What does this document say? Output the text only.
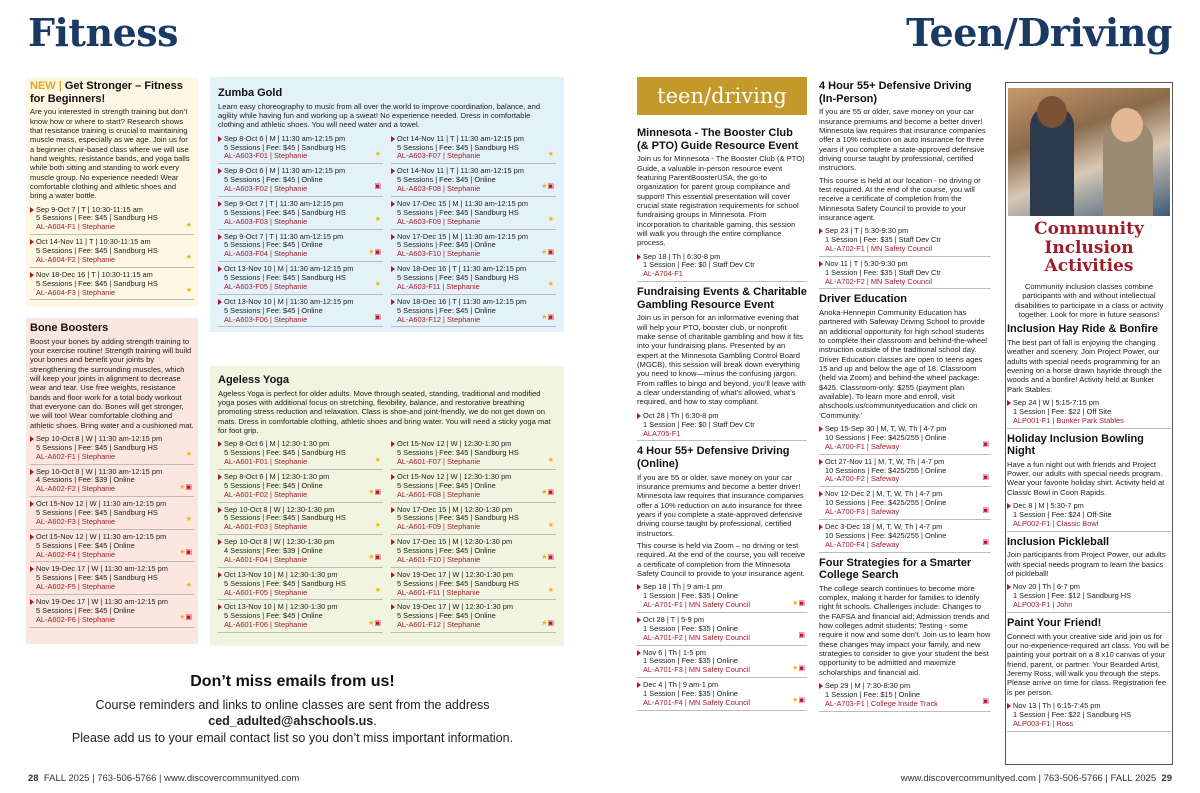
Fitness	Teen/Driving
NEW | Get Stronger – Fitness for Beginners!
Are you interested in strength training but don’t know how or where to start? Research shows that resistance training is crucial to maintaining muscle mass, especially as we age. Join us for a beginner chair-based class where we will use hand weights, resistance bands, and yoga balls while both sitting and standing to work every muscle group. No experience needed! Wear comfortable clothing and athletic shoes and bring a water bottle.
Sep 9-Oct 7 | T | 10:30-11:15 am
5 Sessions | Fee: $45 | Sandburg HS
AL-A604-F1 | Stephanie	★
Oct 14-Nov 11 | T | 10:30-11:15 am
5 Sessions | Fee: $45 | Sandburg HS
AL-A604-F2 | Stephanie	★
Nov 18-Dec 16 | T | 10:30-11:15 am
5 Sessions | Fee: $45 | Sandburg HS
AL-A604-F3 | Stephanie	★
Bone Boosters
Boost your bones by adding strength training to your exercise routine! Strength training will build your bones and benefit your joints by strengthening the surrounding muscles, which will keep your joints in alignment to decrease wear and tear. Use free weights, resistance bands and floor work for a total body workout that everyone can do. Bones will get stronger, we will too! Wear comfortable clothing and athletic shoes. Bring water and a cushioned mat.
Sep 10-Oct 8 | W | 11:30 am-12:15 pm
5 Sessions | Fee: $45 | Sandburg HS
AL-A602-F1 | Stephanie	★
Sep 10-Oct 8 | W | 11:30 am-12:15 pm
4 Sessions | Fee: $39 | Online
AL-A602-F2 | Stephanie	★▣
Oct 15-Nov 12 | W | 11:30 am-12:15 pm
5 Sessions | Fee: $45 | Sandburg HS
AL-A602-F3 | Stephanie	★
Oct 15-Nov 12 | W | 11:30 am-12:15 pm
5 Sessions | Fee: $45 | Online
AL-A602-F4 | Stephanie	★▣
Nov 19-Dec 17 | W | 11:30 am-12:15 pm
5 Sessions | Fee: $45 | Sandburg HS
AL-A602-F5 | Stephanie	★
Nov 19-Dec 17 | W | 11:30 am-12:15 pm
5 Sessions | Fee: $45 | Online
AL-A602-F6 | Stephanie	★▣
Zumba Gold
Learn easy choreography to music from all over the world to improve coordination, balance, and agility while having fun and working up a sweat! No experience needed. Dress in comfortable clothing and athletic shoes. You will need water and a towel.
Sep 8-Oct 6 | M | 11:30 am-12:15 pm
5 Sessions | Fee: $45 | Sandburg HS
AL-A603-F01 | Stephanie	★
Sep 8-Oct 6 | M | 11:30 am-12:15 pm
5 Sessions | Fee: $45 | Online
AL-A603-F02 | Stephanie	▣
Sep 9-Oct 7 | T | 11:30 am-12:15 pm
5 Sessions | Fee: $45 | Sandburg HS
AL-A603-F03 | Stephanie	★
Sep 9-Oct 7 | T | 11:30 am-12:15 pm
5 Sessions | Fee: $45 | Online
AL-A603-F04 | Stephanie	★▣
Oct 13-Nov 10 | M | 11:30 am-12:15 pm
5 Sessions | Fee: $45 | Sandburg HS
AL-A603-F05 | Stephanie	★
Oct 13-Nov 10 | M | 11:30 am-12:15 pm
5 Sessions | Fee: $45 | Online
AL-A603-F06 | Stephanie	▣
Oct 14-Nov 11 | T | 11:30 am-12:15 pm
5 Sessions | Fee: $45 | Sandburg HS
AL-A603-F07 | Stephanie	★
Oct 14-Nov 11 | T | 11:30 am-12:15 pm
5 Sessions | Fee: $45 | Online
AL-A603-F08 | Stephanie	★▣
Nov 17-Dec 15 | M | 11:30 am-12:15 pm
5 Sessions | Fee: $45 | Sandburg HS
AL-A603-F09 | Stephanie	★
Nov 17-Dec 15 | M | 11:30 am-12:15 pm
5 Sessions | Fee: $45 | Online
AL-A603-F10 | Stephanie	★▣
Nov 18-Dec 16 | T | 11:30 am-12:15 pm
5 Sessions | Fee: $45 | Sandburg HS
AL-A603-F11 | Stephanie	★
Nov 18-Dec 16 | T | 11:30 am-12:15 pm
5 Sessions | Fee: $45 | Online
AL-A603-F12 | Stephanie	★▣
Ageless Yoga
Ageless Yoga is perfect for older adults. Move through seated, standing, traditional and modified yoga poses with additional focus on stretching, flexibility, balance, and restorative breathing promoting stress reduction and relaxation. Class is shoe-and joint-friendly, we do not get down on mats. Dress in comfortable clothing, athletic shoes and bring water. You will need a sticky yoga mat for foot grip.
Sep 8-Oct 6 | M | 12:30-1:30 pm
5 Sessions | Fee: $45 | Sandburg HS
AL-A601-F01 | Stephanie	★
Sep 8-Oct 6 | M | 12:30-1:30 pm
5 Sessions | Fee: $45 | Online
AL-A601-F02 | Stephanie	★▣
Sep 10-Oct 8 | W | 12:30-1:30 pm
5 Sessions | Fee: $45 | Sandburg HS
AL-A601-F03 | Stephanie	★
Sep 10-Oct 8 | W | 12:30-1:30 pm
4 Sessions | Fee: $39 | Online
AL-A601-F04 | Stephanie	★▣
Oct 13-Nov 10 | M | 12:30-1:30 pm
5 Sessions | Fee: $45 | Sandburg HS
AL-A601-F05 | Stephanie	★
Oct 13-Nov 10 | M | 12:30-1:30 pm
5 Sessions | Fee: $45 | Online
AL-A601-F06 | Stephanie	★▣
Oct 15-Nov 12 | W | 12:30-1:30 pm
5 Sessions | Fee: $45 | Sandburg HS
AL-A601-F07 | Stephanie	★
Oct 15-Nov 12 | W | 12:30-1:30 pm
5 Sessions | Fee: $45 | Online
AL-A601-F08 | Stephanie	★▣
Nov 17-Dec 15 | M | 12:30-1:30 pm
5 Sessions | Fee: $45 | Sandburg HS
AL-A601-F09 | Stephanie	★
Nov 17-Dec 15 | M | 12:30-1:30 pm
5 Sessions | Fee: $45 | Online
AL-A601-F10 | Stephanie	★▣
Nov 19-Dec 17 | W | 12:30-1:30 pm
5 Sessions | Fee: $45 | Sandburg HS
AL-A601-F11 | Stephanie	★
Nov 19-Dec 17 | W | 12:30-1:30 pm
5 Sessions | Fee: $45 | Online
AL-A601-F12 | Stephanie	★▣
Don’t miss emails from us!

Course reminders and links to online classes are sent from the address

ced_adulted@ahschools.us.

Please add us to your email contact list so you don’t miss important information.

teen/driving
Minnesota - The Booster Club (& PTO) Guide Resource Event
Join us for Minnesota - The Booster Club (& PTO) Guide, a valuable in-person resource event featuring ParentBoosterUSA, the go-to organization for parent group compliance and support! This essential presentation will cover crucial state registration requirements for school fundraising groups in Minnesota. From incorporation to charitable gaming, this session will walk you through the entire compliance process.
Sep 18 | Th | 6:30-8 pm
1 Session | Fee: $0 | Staff Dev Ctr
AL-A704-F1
Fundraising Events & Charitable Gambling Resource Event
Join us in person for an informative evening that will help your PTO, booster club, or nonprofit make sense of charitable gambling and how it fits into your fundraising plans. Presented by an expert at the Minnesota Gambling Control Board (MGCB), this session will break down everything you need to know—minus the confusing jargon. From raffles to bingo and beyond, you’ll leave with a clear understanding of what’s allowed, what’s required, and how to stay compliant.
Oct 28 | Th | 6:30-8 pm
1 Session | Fee: $0 | Staff Dev Ctr
ALA705-F1
4 Hour 55+ Defensive Driving (Online)
If you are 55 or older, save money on your car insurance premiums and become a better driver! Minnesota law requires that insurance companies offer a 10% reduction on auto insurance for three years if you complete a state-approved defensive driving course taught by professional, certified instructors.
This course is held via Zoom – no driving or test required. At the end of the course, you will receive a certificate of completion from the Minnesota Safety Council to provide to your insurance agent.
Sep 18 | Th | 9 am-1 pm
1 Session | Fee: $35 | Online
AL-A701-F1 | MN Safety Council	★▣
Oct 28 | T | 5-9 pm
1 Session | Fee: $35 | Online
AL-A701-F2 | MN Safety Council	▣
Nov 6 | Th | 1-5 pm
1 Session | Fee: $35 | Online
AL-A701-F3 | MN Safety Council	★▣
Dec 4 | Th | 9 am-1 pm
1 Session | Fee: $35 | Online
AL-A701-F4 | MN Safety Council	★▣
4 Hour 55+ Defensive Driving (In-Person)
If you are 55 or older, save money on your car insurance premiums and become a better driver! Minnesota law requires that insurance companies offer a 10% reduction on auto insurance for three years if you complete a state-approved defensive driving course taught by professional, certified instructors.
This course is held at our location - no driving or test required. At the end of the course, you will receive a certificate of completion from the Minnesota Safety Council to provide to your insurance agent.
Sep 23 | T | 5:30-9:30 pm
1 Session | Fee: $35 | Staff Dev Ctr
AL-A702-F1 | MN Safety Council
Nov 11 | T | 5:30-9:30 pm
1 Session | Fee: $35 | Staff Dev Ctr
AL-A702-F2 | MN Safety Council
Driver Education
Anoka-Hennepin Community Education has partnered with Safeway Driving School to provide an additional opportunity for high school students to complete their classroom and behind-the-wheel instruction outside of the traditional school day. Driver Education classes are open to teens ages 15 and up and below the age of 18. Classroom (held via Zoom) and behind-the wheel package: $425. Classroom-only: $255 (payment plan available). To learn more and enroll, visit ahschools.us/communityeducation and click on ‘Community.’
Sep 15-Sep 30 | M, T, W, Th | 4-7 pm
10 Sessions | Fee: $425/255 | Online
AL-A700-F1 | Safeway	▣
Oct 27-Nov 11 | M, T, W, Th | 4-7 pm
10 Sessions | Fee: $425/255 | Online
AL-A700-F2 | Safeway	▣
Nov 12-Dec 2 | M, T, W, Th | 4-7 pm
10 Sessions | Fee: $425/255 | Online
AL-A700-F3 | Safeway	▣
Dec 3-Dec 18 | M, T, W, Th | 4-7 pm
10 Sessions | Fee: $425/255 | Online
AL-A700-F4 | Safeway	▣
Four Strategies for a Smarter College Search
The college search continues to become more complex, making it harder for families to identify right fit schools. Challenges include: Changes to the FAFSA and financial aid; Admission trends and how colleges admit students; Testing - some require it now and some don’t. Join us to learn how these changes may impact your family, and new strategies to consider to give your student the best opportunity to be admitted and maximize scholarships and financial aid.
Sep 29 | M | 7:30-8:30 pm
1 Session | Fee: $15 | Online
AL-A703-F1 | College Inside Track	▣
Community Inclusion Activities
Community inclusion classes combine participants with and without intellectual disabilities to participate in a class or activity together. Look for more in future seasons!
Inclusion Hay Ride & Bonfire
The best part of fall is enjoying the changing weather and scenery. Join Project Power, our adults with special needs programming for an evening on a horse drawn hayride through the woods and a bonfire! Activity held at Bunker Park Stables.
Sep 24 | W | 5:15-7:15 pm
1 Session | Fee: $22 | Off Site
ALP001-F1 | Bunker Park Stables
Holiday Inclusion Bowling Night
Have a fun night out with friends and Project Power, our adults with special needs program. Wear your favorite holiday shirt. Activity held at Classic Bowl in Coon Rapids.
Dec 8 | M | 5:30-7 pm
1 Session | Fee: $24 | Off-Site
ALP002-F1 | Classic Bowl
Inclusion Pickleball
Join participants from Project Power, our adults with special needs program to learn the basics of pickleball!
Nov 20 | Th | 6-7 pm
1 Session | Fee: $12 | Sandburg HS
ALP003-F1 | John
Paint Your Friend!
Connect with your creative side and join us for our no-experience-required art class. You will be painting your portrait on a 8 x10 canvas of your friend, parent, or partner. Your Bearded Artist, Jeremy Ross, will walk you through the steps. Please arrive on time for class. Registration fee is per person.
Nov 13 | Th | 6:15-7:45 pm
1 Session | Fee: $22 | Sandburg HS
ALP003-F1 | Ross
28 FALL 2025 | 763-506-5766 | www.discovercommunityed.com	www.discovercommunityed.com | 763-506-5766 | FALL 2025 29
